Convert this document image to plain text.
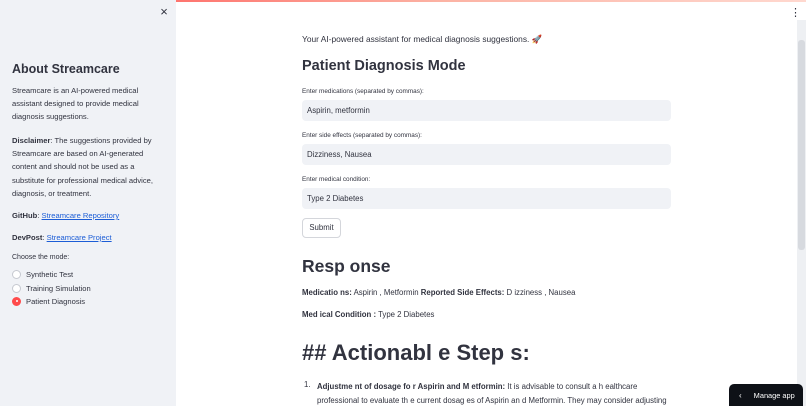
×
About Streamcare
Streamcare is an AI-powered medical assistant designed to provide medical diagnosis suggestions.
Disclaimer: The suggestions provided by Streamcare are based on AI-generated content and should not be used as a substitute for professional medical advice, diagnosis, or treatment.
GitHub: Streamcare Repository
DevPost: Streamcare Project
Choose the mode:
Synthetic Test
Training Simulation
Patient Diagnosis
⋮
Your AI-powered assistant for medical diagnosis suggestions. 🚀
Patient Diagnosis Mode
Enter medications (separated by commas):
Aspirin, metformin
Enter side effects (separated by commas):
Dizziness, Nausea
Enter medical condition:
Type 2 Diabetes
Submit
Resp onse
Medicatio ns: Aspirin , Metformin Reported Side Effects: D izziness , Nausea
Med ical Condition : Type 2 Diabetes
## Actionabl e Step s:
1. Adjustme nt of dosage fo r Aspirin and M etformin: It is advisable to consult a h ealthcare professional to evaluate th e current dosag es of Aspirin an d Metformin. They may consider adjusting
‹ Manage app
